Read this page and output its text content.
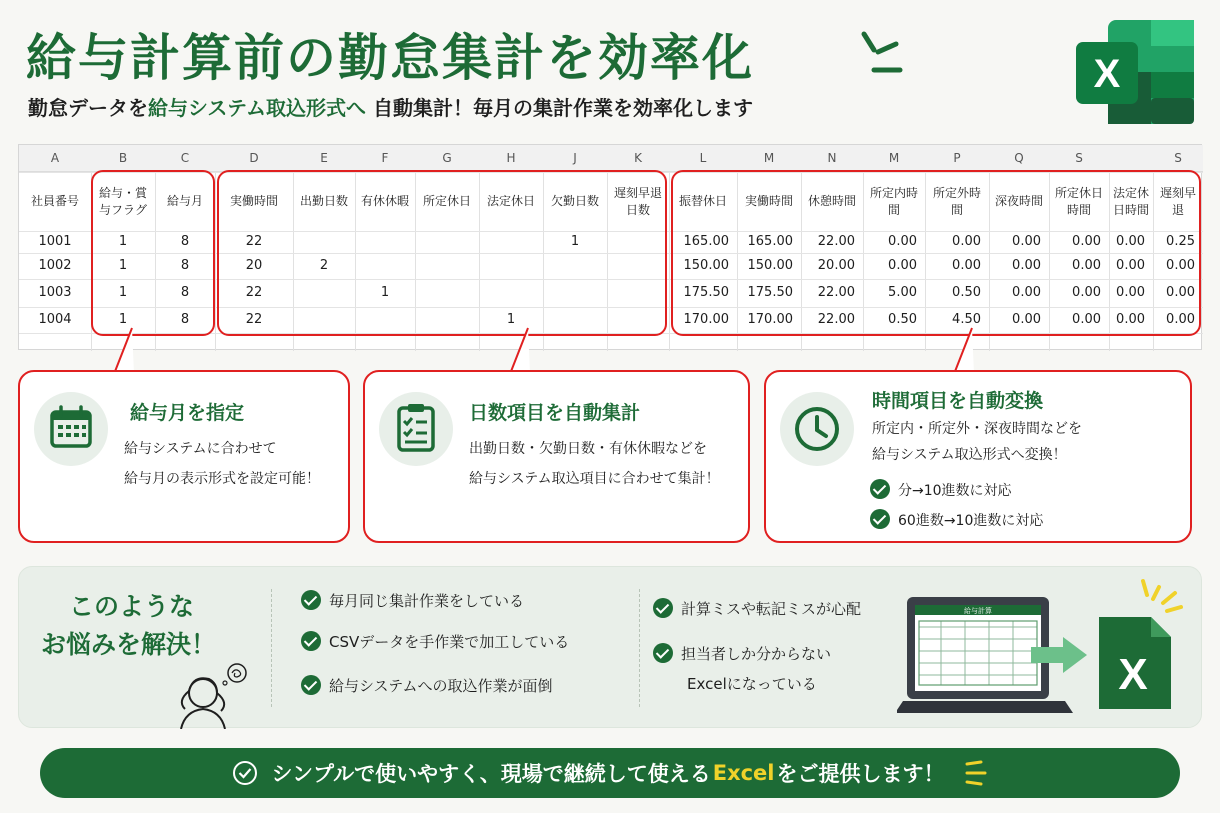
給与計算前の勤怠集計を効率化
勤怠データを給与システム取込形式へ 自動集計！毎月の集計作業を効率化します
X
A
社員番号
1001
1002
1003
1004
B
給与・賞与フラグ
1
1
1
1
C
給与月
8
8
8
8
D
実働時間
22
20
22
22
E
出勤日数
2
F
有休休暇
1
G
所定休日
H
法定休日
1
J
欠勤日数
1
K
遅刻早退日数
L
振替休日
165.00
150.00
175.50
170.00
M
実働時間
165.00
150.00
175.50
170.00
N
休憩時間
22.00
20.00
22.00
22.00
M
所定内時間
0.00
0.00
5.00
0.50
P
所定外時間
0.00
0.00
0.50
4.50
Q
深夜時間
0.00
0.00
0.00
0.00
S
所定休日時間
0.00
0.00
0.00
0.00
法定休日時間
0.00
0.00
0.00
0.00
S
遅刻早退
0.25
0.00
0.00
0.00
給与月を指定
給与システムに合わせて
給与月の表示形式を設定可能！
日数項目を自動集計
出勤日数・欠勤日数・有休休暇などを
給与システム取込項目に合わせて集計！
時間項目を自動変換
所定内・所定外・深夜時間などを
給与システム取込形式へ変換！
分→10進数に対応
60進数→10進数に対応
このような
お悩みを解決！
毎月同じ集計作業をしている
CSVデータを手作業で加工している
給与システムへの取込作業が面倒
計算ミスや転記ミスが心配
担当者しか分からない
Excelになっている
給与計算
X
シンプルで使いやすく、現場で継続して使える Excel をご提供します！
